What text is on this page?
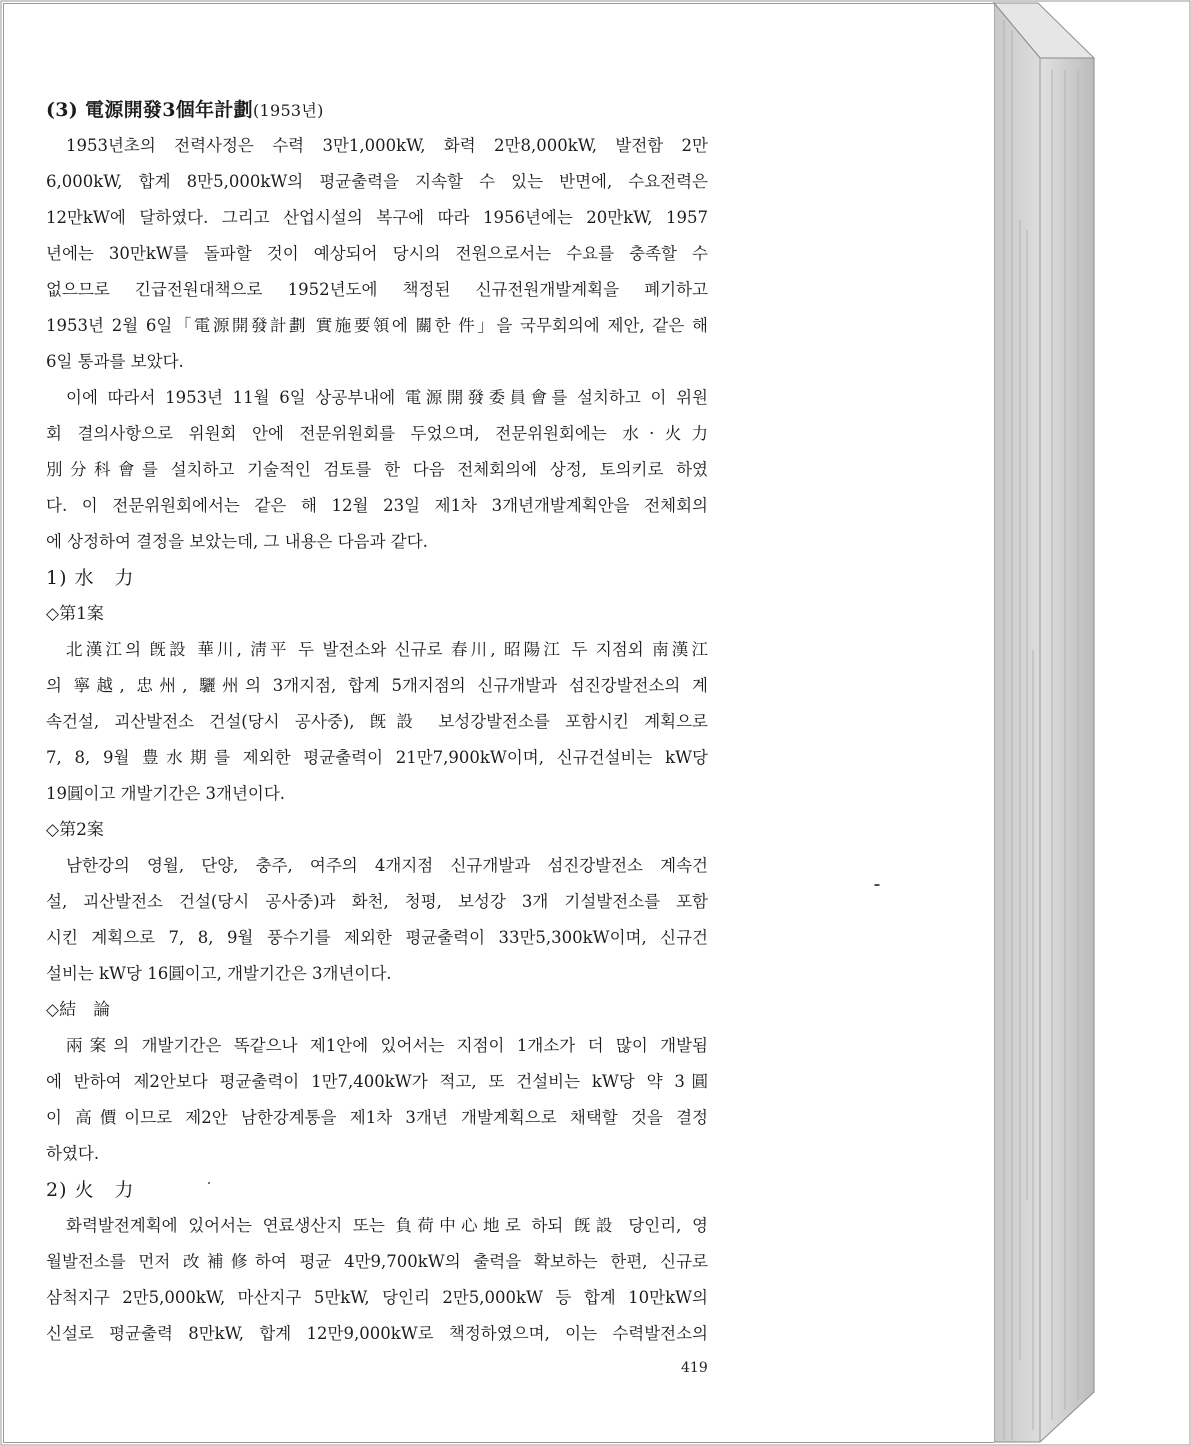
(3) 電源開發3個年計劃(1953년)
1953년초의 전력사정은 수력 3만1,000kW, 화력 2만8,000kW, 발전함 2만
6,000kW, 합계 8만5,000kW의 평균출력을 지속할 수 있는 반면에, 수요전력은
12만kW에 달하였다. 그리고 산업시설의 복구에 따라 1956년에는 20만kW, 1957
년에는 30만kW를 돌파할 것이 예상되어 당시의 전원으로서는 수요를 충족할 수
없으므로 긴급전원대책으로 1952년도에 책정된 신규전원개발계획을 폐기하고
1953년 2월 6일「電源開發計劃 實施要領에 關한 件」을 국무회의에 제안, 같은 해
6일 통과를 보았다.
이에 따라서 1953년 11월 6일 상공부내에 電源開發委員會를 설치하고 이 위원
회 결의사항으로 위원회 안에 전문위원회를 두었으며, 전문위원회에는 水·火力
別分科會를 설치하고 기술적인 검토를 한 다음 전체회의에 상정, 토의키로 하였
다. 이 전문위원회에서는 같은 해 12월 23일 제1차 3개년개발계획안을 전체회의
에 상정하여 결정을 보았는데, 그 내용은 다음과 같다.
1) 水　力
◇第1案
北漢江의 旣設 華川, 淸平 두 발전소와 신규로 春川, 昭陽江 두 지점외 南漢江
의 寧越, 忠州, 驪州의 3개지점, 합계 5개지점의 신규개발과 섬진강발전소의 계
속건설, 괴산발전소 건설(당시 공사중), 旣設 보성강발전소를 포함시킨 계획으로
7, 8, 9월 豊水期를 제외한 평균출력이 21만7,900kW이며, 신규건설비는 kW당
19圓이고 개발기간은 3개년이다.
◇第2案
남한강의 영월, 단양, 충주, 여주의 4개지점 신규개발과 섬진강발전소 계속건
설, 괴산발전소 건설(당시 공사중)과 화천, 청평, 보성강 3개 기설발전소를 포함
시킨 계획으로 7, 8, 9월 풍수기를 제외한 평균출력이 33만5,300kW이며, 신규건
설비는 kW당 16圓이고, 개발기간은 3개년이다.
◇結　論
兩案의 개발기간은 똑같으나 제1안에 있어서는 지점이 1개소가 더 많이 개발됨
에 반하여 제2안보다 평균출력이 1만7,400kW가 적고, 또 건설비는 kW당 약 3圓
이 高價이므로 제2안 남한강계통을 제1차 3개년 개발계획으로 채택할 것을 결정
하였다.
2) 火　力
화력발전계획에 있어서는 연료생산지 또는 負荷中心地로 하되 旣設 당인리, 영
월발전소를 먼저 改補修하여 평균 4만9,700kW의 출력을 확보하는 한편, 신규로
삼척지구 2만5,000kW, 마산지구 5만kW, 당인리 2만5,000kW 등 합계 10만kW의
신설로 평균출력 8만kW, 합계 12만9,000kW로 책정하였으며, 이는 수력발전소의
419
